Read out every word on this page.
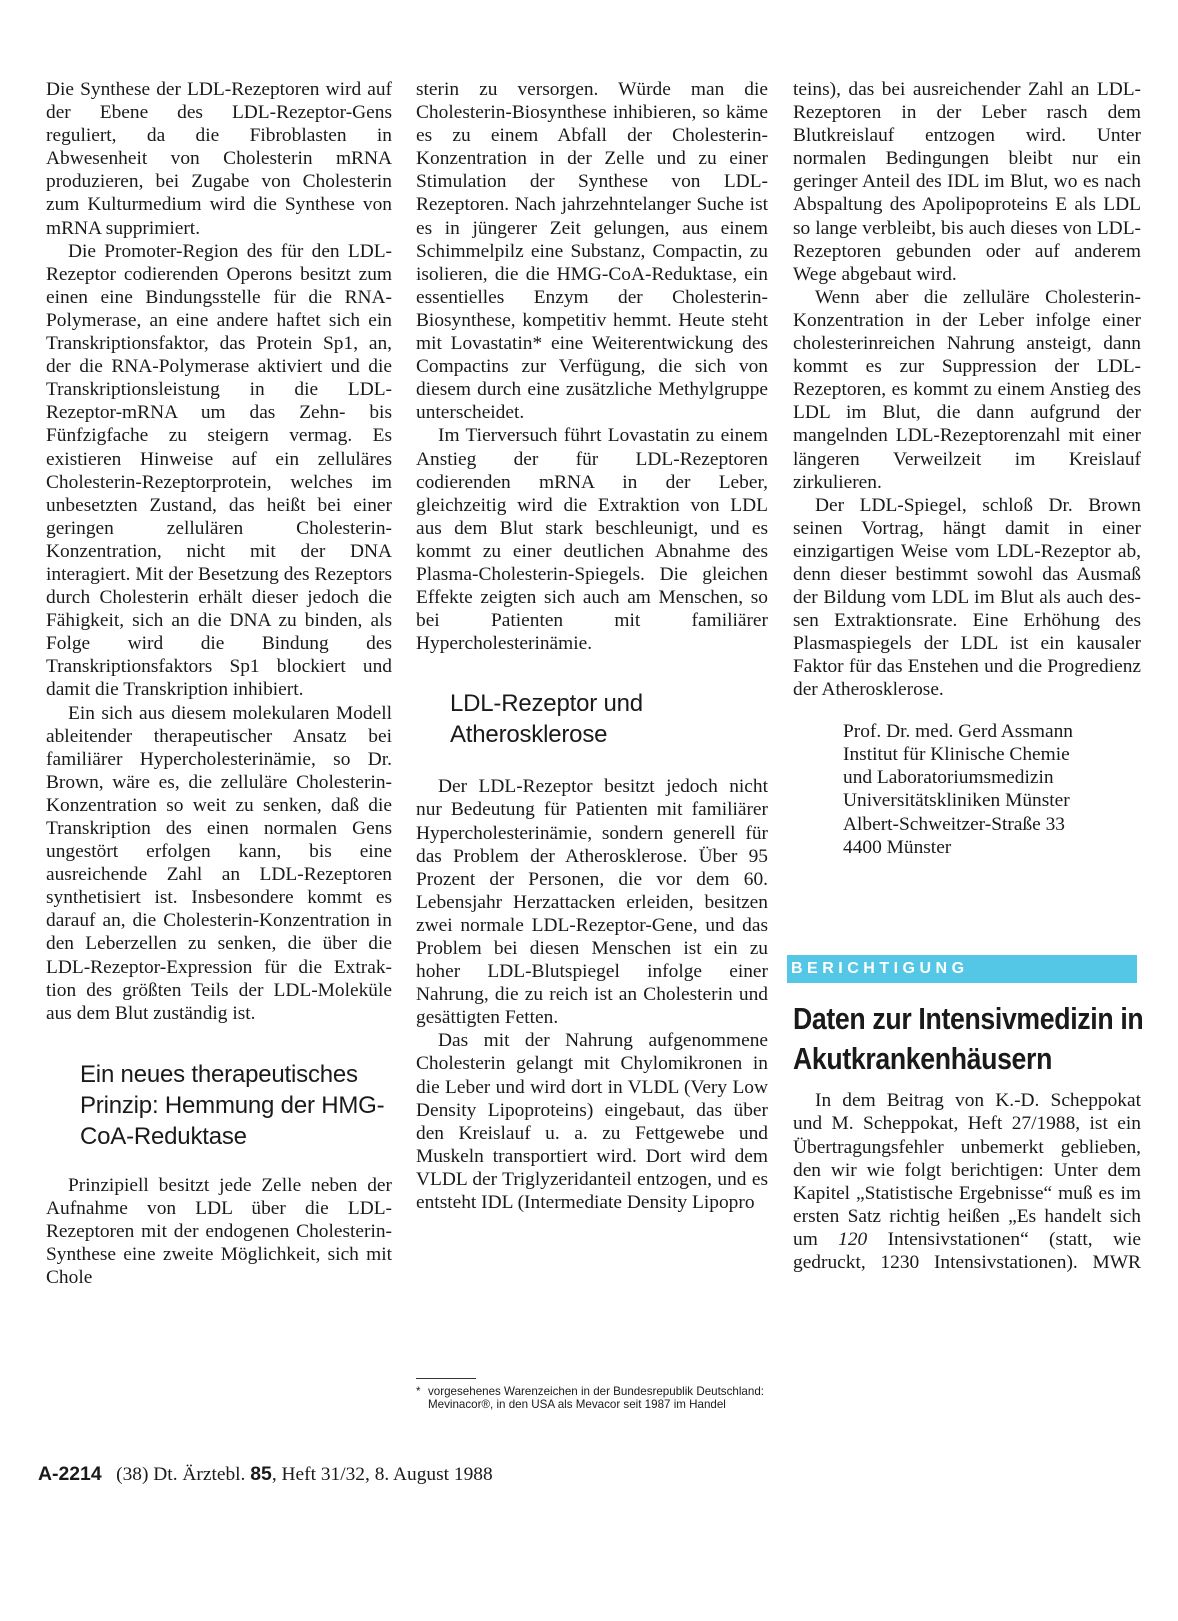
Die Synthese der LDL-Rezeptoren wird auf der Ebene des LDL-Rezeptor-Gens reguliert, da die Fibroblasten in Abwesenheit von Cholesterin mRNA produzieren, bei Zugabe von Cholesterin zum Kulturmedium wird die Synthese von mRNA supprimiert.

Die Promoter-Region des für den LDL-Rezeptor codierenden Operons besitzt zum einen eine Bindungsstelle für die RNA-Polymerase, an eine andere haftet sich ein Transkriptionsfaktor, das Protein Sp1, an, der die RNA-Polymerase aktiviert und die Transkriptionsleistung in die LDL-Rezeptor-mRNA um das Zehn- bis Fünfzigfache zu steigern vermag. Es existieren Hinweise auf ein zelluläres Cholesterin-Rezeptorprotein, welches im unbesetzten Zustand, das heißt bei einer geringen zellulären Cholesterin-Konzentration, nicht mit der DNA interagiert. Mit der Besetzung des Rezeptors durch Cholesterin erhält dieser jedoch die Fähigkeit, sich an die DNA zu binden, als Folge wird die Bindung des Transkriptionsfaktors Sp1 blockiert und damit die Transkription inhibiert.

Ein sich aus diesem molekularen Modell ableitender therapeutischer Ansatz bei familiärer Hypercholesterinämie, so Dr. Brown, wäre es, die zelluläre Cholesterin-Konzentration so weit zu senken, daß die Transkription des einen normalen Gens ungestört erfolgen kann, bis eine ausreichende Zahl an LDL-Rezeptoren synthetisiert ist. Insbesondere kommt es darauf an, die Cholesterin-Konzentration in den Leberzellen zu senken, die über die LDL-Rezeptor-Expression für die Extraktion des größten Teils der LDL-Moleküle aus dem Blut zuständig ist.

Ein neues therapeutisches Prinzip: Hemmung der HMG-CoA-Reduktase

Prinzipiell besitzt jede Zelle neben der Aufnahme von LDL über die LDL-Rezeptoren mit der endogenen Cholesterin-Synthese eine zweite Möglichkeit, sich mit Chole

sterin zu versorgen. Würde man die Cholesterin-Biosynthese inhibieren, so käme es zu einem Abfall der Cholesterin-Konzentration in der Zelle und zu einer Stimulation der Synthese von LDL-Rezeptoren. Nach jahrzehntelanger Suche ist es in jüngerer Zeit gelungen, aus einem Schimmelpilz eine Substanz, Compactin, zu isolieren, die die HMG-CoA-Reduktase, ein essentielles Enzym der Cholesterin-Biosynthese, kompetitiv hemmt. Heute steht mit Lovastatin* eine Weiterentwickung des Compactins zur Verfügung, die sich von diesem durch eine zusätzliche Methylgruppe unterscheidet.

Im Tierversuch führt Lovastatin zu einem Anstieg der für LDL-Rezeptoren codierenden mRNA in der Leber, gleichzeitig wird die Extraktion von LDL aus dem Blut stark beschleunigt, und es kommt zu einer deutlichen Abnahme des Plasma-Cholesterin-Spiegels. Die gleichen Effekte zeigten sich auch am Menschen, so bei Patienten mit familiärer Hypercholesterinämie.

LDL-Rezeptor und Atherosklerose

Der LDL-Rezeptor besitzt jedoch nicht nur Bedeutung für Patienten mit familiärer Hypercholesterinämie, sondern generell für das Problem der Atherosklerose. Über 95 Prozent der Personen, die vor dem 60. Lebensjahr Herzattacken erleiden, besitzen zwei normale LDL-Rezeptor-Gene, und das Problem bei diesen Menschen ist ein zu hoher LDL-Blutspiegel infolge einer Nahrung, die zu reich ist an Cholesterin und gesättigten Fetten.

Das mit der Nahrung aufgenommene Cholesterin gelangt mit Chylomikronen in die Leber und wird dort in VLDL (Very Low Density Lipoproteins) eingebaut, das über den Kreislauf u. a. zu Fettgewebe und Muskeln transportiert wird. Dort wird dem VLDL der Triglyzeridanteil entzogen, und es entsteht IDL (Intermediate Density Lipopro

* vorgesehenes Warenzeichen in der Bundesrepublik Deutschland: Mevinacor®, in den USA als Mevacor seit 1987 im Handel

teins), das bei ausreichender Zahl an LDL-Rezeptoren in der Leber rasch dem Blutkreislauf entzogen wird. Unter normalen Bedingungen bleibt nur ein geringer Anteil des IDL im Blut, wo es nach Abspaltung des Apolipoproteins E als LDL so lange verbleibt, bis auch dieses von LDL-Rezeptoren gebunden oder auf anderem Wege abgebaut wird.

Wenn aber die zelluläre Cholesterin-Konzentration in der Leber infolge einer cholesterinreichen Nahrung ansteigt, dann kommt es zur Suppression der LDL-Rezeptoren, es kommt zu einem Anstieg des LDL im Blut, die dann aufgrund der mangelnden LDL-Rezeptorenzahl mit einer längeren Verweilzeit im Kreislauf zirkulieren.

Der LDL-Spiegel, schloß Dr. Brown seinen Vortrag, hängt damit in einer einzigartigen Weise vom LDL-Rezeptor ab, denn dieser bestimmt sowohl das Ausmaß der Bildung vom LDL im Blut als auch dessen Extraktionsrate. Eine Erhöhung des Plasmaspiegels der LDL ist ein kausaler Faktor für das Enstehen und die Progredienz der Atherosklerose.

Prof. Dr. med. Gerd Assmann
Institut für Klinische Chemie
und Laboratoriumsmedizin
Universitätskliniken Münster
Albert-Schweitzer-Straße 33
4400 Münster
BERICHTIGUNG
Daten zur Intensivmedizin in Akutkrankenhäusern

In dem Beitrag von K.-D. Scheppokat und M. Scheppokat, Heft 27/1988, ist ein Übertragungsfehler unbemerkt geblieben, den wir wie folgt berichtigen: Unter dem Kapitel „Statistische Ergebnisse“ muß es im ersten Satz richtig heißen „Es handelt sich um 120 Intensivstationen“ (statt, wie gedruckt, 1230 Intensivstationen). MWR

A-2214 (38) Dt. Ärztebl. 85, Heft 31/32, 8. August 1988
